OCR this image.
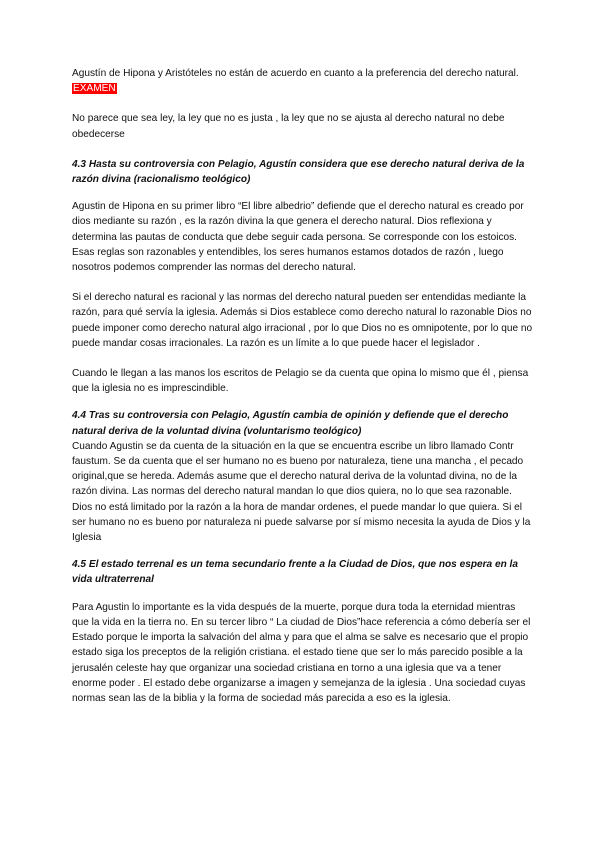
Agustín de Hipona y Aristóteles no están de acuerdo en cuanto a la preferencia del derecho natural. EXAMEN

No parece que sea ley, la ley que no es justa , la ley que no se ajusta al derecho natural no debe obedecerse

4.3 Hasta su controversia con Pelagio, Agustín considera que ese derecho natural deriva de la razón divina (racionalismo teológico)

Agustin de Hipona en su primer libro “El libre albedrio” defiende que el derecho natural es creado por dios mediante su razón , es la razón divina la que genera el derecho natural. Dios reflexiona y determina las pautas de conducta que debe seguir cada persona. Se corresponde con los estoicos. Esas reglas son razonables y entendibles, los seres humanos estamos dotados de razón , luego nosotros podemos comprender las normas del derecho natural.

Si el derecho natural es racional y las normas del derecho natural pueden ser entendidas mediante la razón, para qué servía la iglesia. Además si Dios establece como derecho natural lo razonable Dios no puede imponer como derecho natural algo irracional , por lo que Dios no es omnipotente, por lo que no puede mandar cosas irracionales. La razón es un límite a lo que puede hacer el legislador .

Cuando le llegan a las manos los escritos de Pelagio se da cuenta que opina lo mismo que él , piensa que la iglesia no es imprescindible.

4.4 Tras su controversia con Pelagio, Agustín cambia de opinión y defiende que el derecho natural deriva de la voluntad divina (voluntarismo teológico)

Cuando Agustin se da cuenta de la situación en la que se encuentra escribe un libro llamado Contr faustum. Se da cuenta que el ser humano no es bueno por naturaleza, tiene una mancha , el pecado original,que se hereda. Además asume que el derecho natural deriva de la voluntad divina, no de la razón divina. Las normas del derecho natural mandan lo que dios quiera, no lo que sea razonable. Dios no está limitado por la razón a la hora de mandar ordenes, el puede mandar lo que quiera. Si el ser humano no es bueno por naturaleza ni puede salvarse por sí mismo necesita la ayuda de Dios y la Iglesia

4.5 El estado terrenal es un tema secundario frente a la Ciudad de Dios, que nos espera en la vida ultraterrenal

Para Agustin lo importante es la vida después de la muerte, porque dura toda la eternidad mientras que la vida en la tierra no. En su tercer libro “ La ciudad de Dios”hace referencia a cómo debería ser el Estado porque le importa la salvación del alma y para que el alma se salve es necesario que el propio estado siga los preceptos de la religión cristiana. el estado tiene que ser lo más parecido posible a la jerusalén celeste hay que organizar una sociedad cristiana en torno a una iglesia que va a tener enorme poder . El estado debe organizarse a imagen y semejanza de la iglesia . Una sociedad cuyas normas sean las de la biblia y la forma de sociedad más parecida a eso es la iglesia.
